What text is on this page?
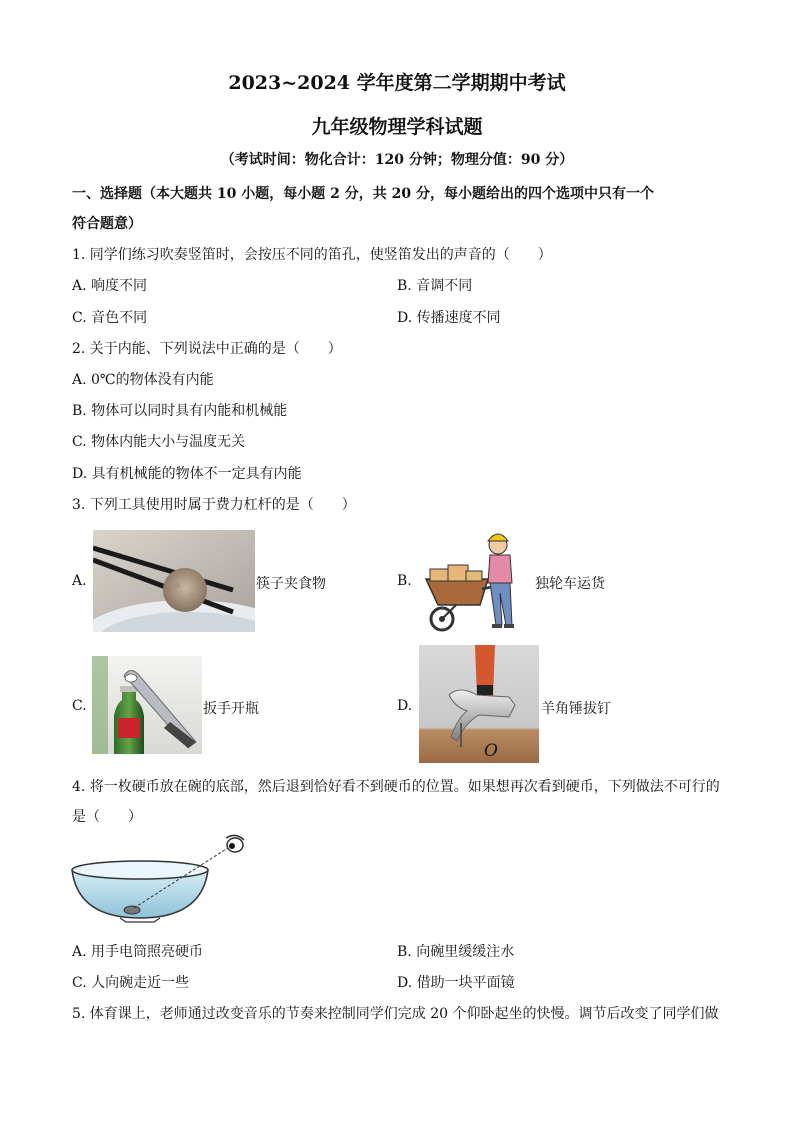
2023~2024 学年度第二学期期中考试
九年级物理学科试题
（考试时间：物化合计：120 分钟；物理分值：90 分）
一、选择题（本大题共 10 小题，每小题 2 分，共 20 分，每小题给出的四个选项中只有一个
符合题意）
1. 同学们练习吹奏竖笛时，会按压不同的笛孔，使竖笛发出的声音的（　　）
A. 响度不同	B. 音调不同
C. 音色不同	D. 传播速度不同
2. 关于内能、下列说法中正确的是（　　）
A. 0℃的物体没有内能
B. 物体可以同时具有内能和机械能
C. 物体内能大小与温度无关
D. 具有机械能的物体不一定具有内能
3. 下列工具使用时属于费力杠杆的是（　　）
A.	筷子夹食物	B.	独轮车运货
C.	扳手开瓶	D.
O
羊角锤拔钉
4. 将一枚硬币放在碗的底部，然后退到恰好看不到硬币的位置。如果想再次看到硬币，下列做法不可行的
是（　　）
A. 用手电筒照亮硬币	B. 向碗里缓缓注水
C. 人向碗走近一些	D. 借助一块平面镜
5. 体育课上，老师通过改变音乐的节奏来控制同学们完成 20 个仰卧起坐的快慢。调节后改变了同学们做
